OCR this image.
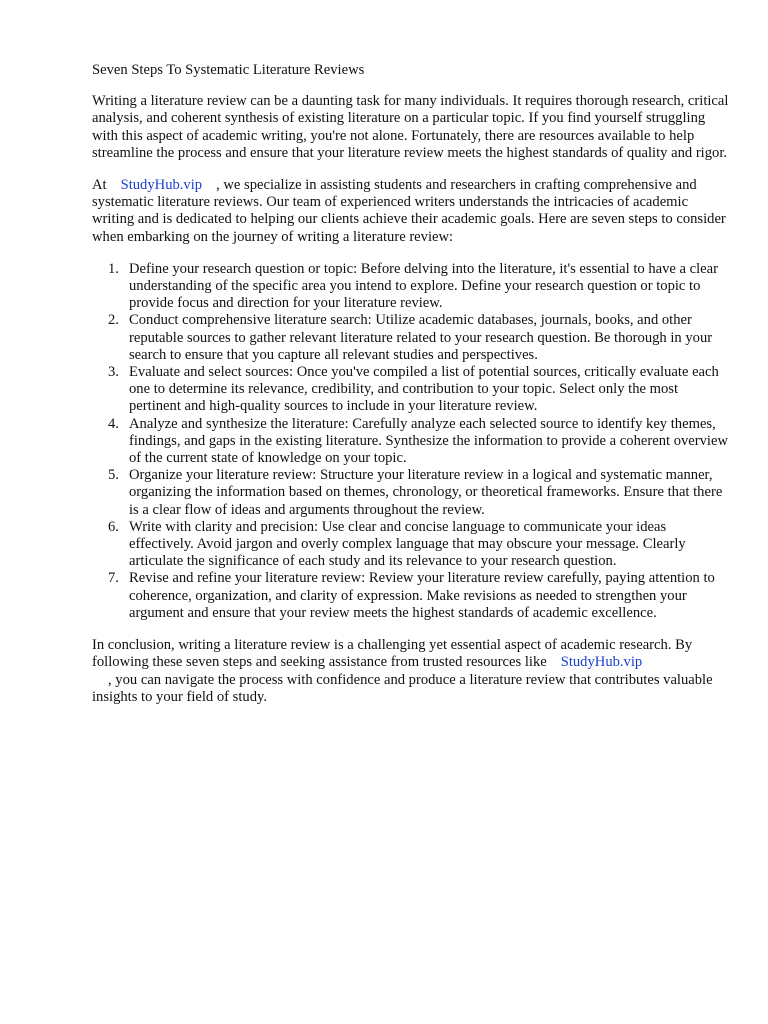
Seven Steps To Systematic Literature Reviews

Writing a literature review can be a daunting task for many individuals. It requires thorough research, critical analysis, and coherent synthesis of existing literature on a particular topic. If you find yourself struggling with this aspect of academic writing, you're not alone. Fortunately, there are resources available to help streamline the process and ensure that your literature review meets the highest standards of quality and rigor.

At StudyHub.vip , we specialize in assisting students and researchers in crafting comprehensive and systematic literature reviews. Our team of experienced writers understands the intricacies of academic writing and is dedicated to helping our clients achieve their academic goals. Here are seven steps to consider when embarking on the journey of writing a literature review:

1. Define your research question or topic: Before delving into the literature, it's essential to have a clear understanding of the specific area you intend to explore. Define your research question or topic to provide focus and direction for your literature review.
2. Conduct comprehensive literature search: Utilize academic databases, journals, books, and other reputable sources to gather relevant literature related to your research question. Be thorough in your search to ensure that you capture all relevant studies and perspectives.
3. Evaluate and select sources: Once you've compiled a list of potential sources, critically evaluate each one to determine its relevance, credibility, and contribution to your topic. Select only the most pertinent and high-quality sources to include in your literature review.
4. Analyze and synthesize the literature: Carefully analyze each selected source to identify key themes, findings, and gaps in the existing literature. Synthesize the information to provide a coherent overview of the current state of knowledge on your topic.
5. Organize your literature review: Structure your literature review in a logical and systematic manner, organizing the information based on themes, chronology, or theoretical frameworks. Ensure that there is a clear flow of ideas and arguments throughout the review.
6. Write with clarity and precision: Use clear and concise language to communicate your ideas effectively. Avoid jargon and overly complex language that may obscure your message. Clearly articulate the significance of each study and its relevance to your research question.
7. Revise and refine your literature review: Review your literature review carefully, paying attention to coherence, organization, and clarity of expression. Make revisions as needed to strengthen your argument and ensure that your review meets the highest standards of academic excellence.

In conclusion, writing a literature review is a challenging yet essential aspect of academic research. By following these seven steps and seeking assistance from trusted resources like StudyHub.vip
, you can navigate the process with confidence and produce a literature review that contributes valuable insights to your field of study.
